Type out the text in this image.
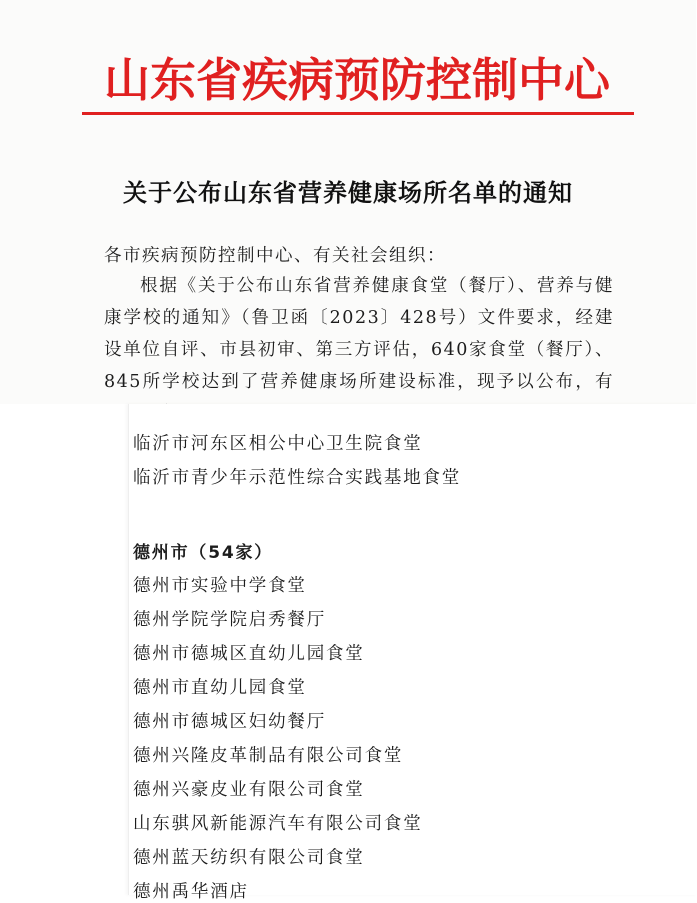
山东省疾病预防控制中心
关于公布山东省营养健康场所名单的通知
各市疾病预防控制中心、有关社会组织：
根据《关于公布山东省营养健康食堂（餐厅）、营养与健康学校的通知》（鲁卫函〔2023〕428号）文件要求，经建设单位自评、市县初审、第三方评估，640家食堂（餐厅）、845所学校达到了营养健康场所建设标准，现予以公布，有
临沂市河东区相公中心卫生院食堂
临沂市青少年示范性综合实践基地食堂
德州市（54家）
德州市实验中学食堂
德州学院学院启秀餐厅
德州市德城区直幼儿园食堂
德州市直幼儿园食堂
德州市德城区妇幼餐厅
德州兴隆皮革制品有限公司食堂
德州兴豪皮业有限公司食堂
山东骐风新能源汽车有限公司食堂
德州蓝天纺织有限公司食堂
德州禹华酒店
